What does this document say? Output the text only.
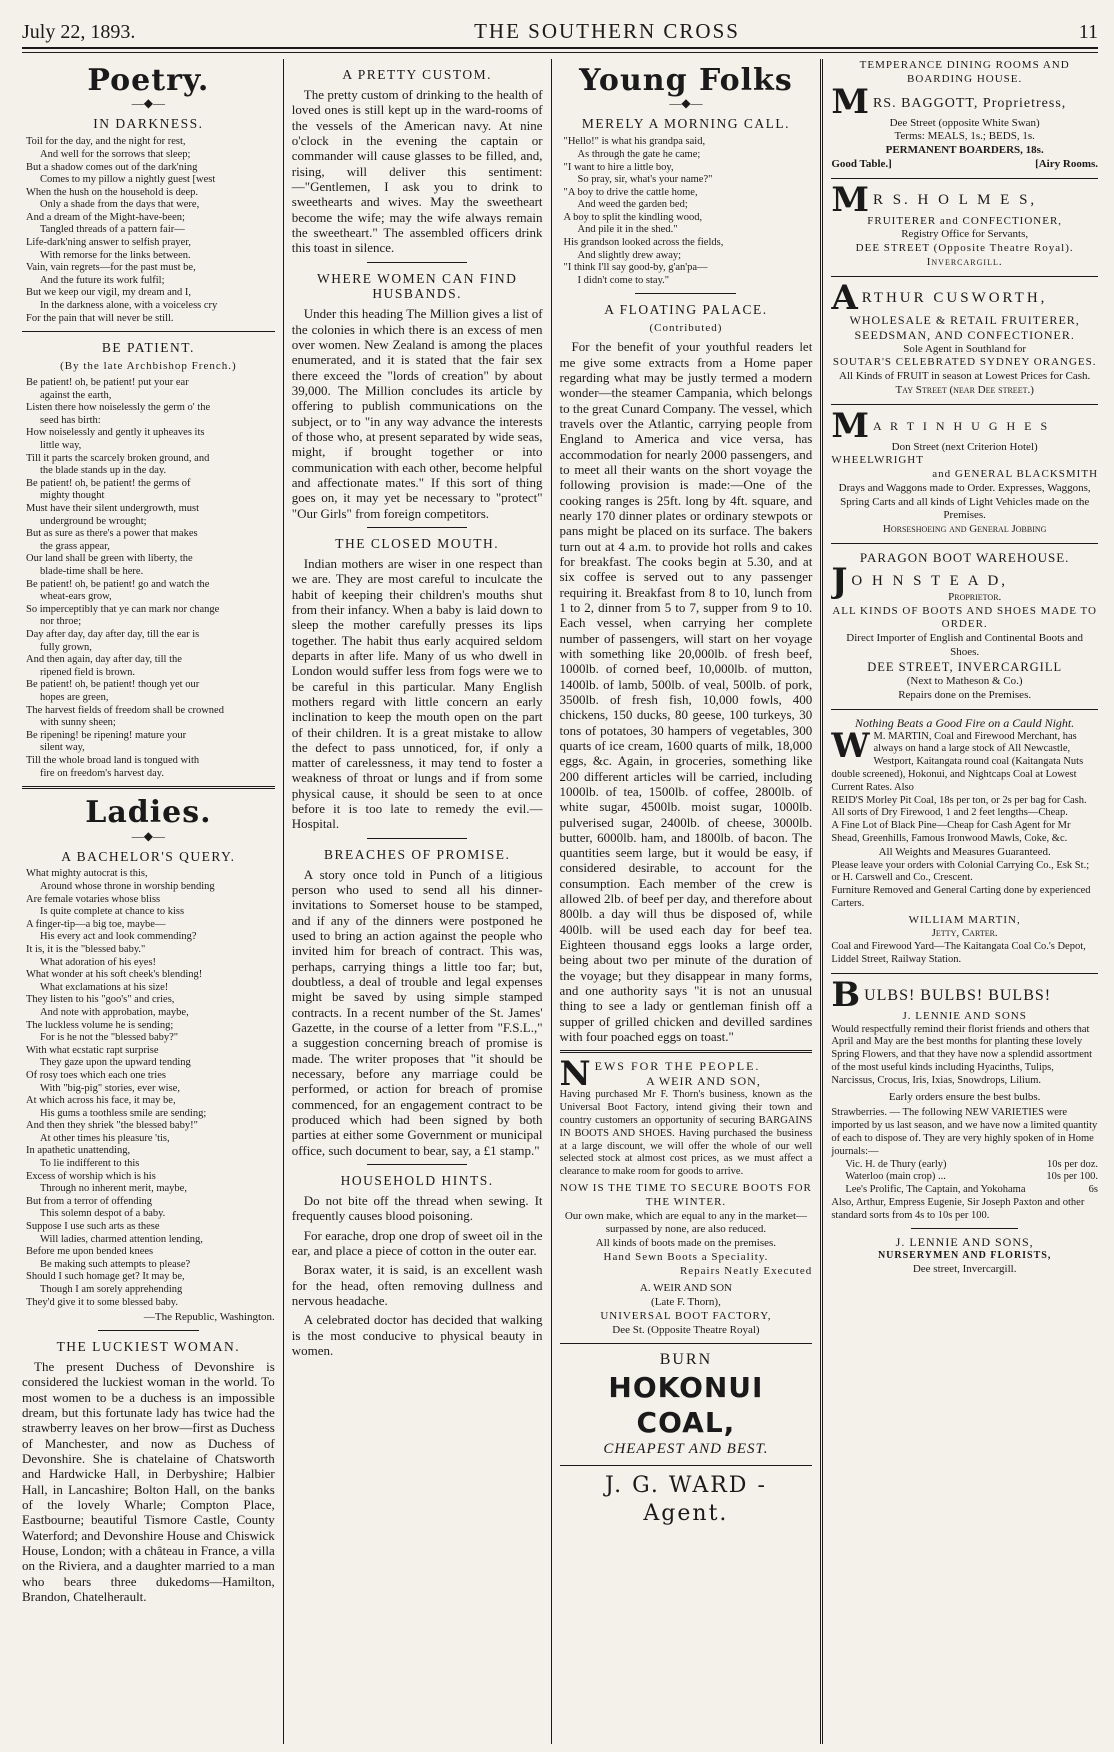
July 22, 1893.	THE SOUTHERN CROSS	11
Poetry.
—◆—
IN DARKNESS.
Toil for the day, and the night for rest,
And well for the sorrows that sleep;
But a shadow comes out of the dark'ning
Comes to my pillow a nightly guest [west
When the hush on the household is deep.
Only a shade from the days that were,
And a dream of the Might-have-been;
Tangled threads of a pattern fair—
Life-dark'ning answer to selfish prayer,
With remorse for the links between.
Vain, vain regrets—for the past must be,
And the future its work fulfil;
But we keep our vigil, my dream and I,
In the darkness alone, with a voiceless cry
For the pain that will never be still.
BE PATIENT.
(By the late Archbishop French.)
Be patient! oh, be patient! put your ear
against the earth,
Listen there how noiselessly the germ o' the
seed has birth:
How noiselessly and gently it upheaves its
little way,
Till it parts the scarcely broken ground, and
the blade stands up in the day.
Be patient! oh, be patient! the germs of
mighty thought
Must have their silent undergrowth, must
underground be wrought;
But as sure as there's a power that makes
the grass appear,
Our land shall be green with liberty, the
blade-time shall be here.
Be patient! oh, be patient! go and watch the
wheat-ears grow,
So imperceptibly that ye can mark nor change
nor throe;
Day after day, day after day, till the ear is
fully grown,
And then again, day after day, till the
ripened field is brown.
Be patient! oh, be patient! though yet our
hopes are green,
The harvest fields of freedom shall be crowned
with sunny sheen;
Be ripening! be ripening! mature your
silent way,
Till the whole broad land is tongued with
fire on freedom's harvest day.
Ladies.
—◆—
A BACHELOR'S QUERY.
What mighty autocrat is this,
Around whose throne in worship bending
Are female votaries whose bliss
Is quite complete at chance to kiss
A finger-tip—a big toe, maybe—
His every act and look commending?
It is, it is the "blessed baby."
What adoration of his eyes!
What wonder at his soft cheek's blending!
What exclamations at his size!
They listen to his "goo's" and cries,
And note with approbation, maybe,
The luckless volume he is sending;
For is he not the "blessed baby?"
With what ecstatic rapt surprise
They gaze upon the upward tending
Of rosy toes which each one tries
With "big-pig" stories, ever wise,
At which across his face, it may be,
His gums a toothless smile are sending;
And then they shriek "the blessed baby!"
At other times his pleasure 'tis,
In apathetic unattending,
To lie indifferent to this
Excess of worship which is his
Through no inherent merit, maybe,
But from a terror of offending
This solemn despot of a baby.
Suppose I use such arts as these
Will ladies, charmed attention lending,
Before me upon bended knees
Be making such attempts to please?
Should I such homage get? It may be,
Though I am sorely apprehending
They'd give it to some blessed baby.
—The Republic, Washington.
THE LUCKIEST WOMAN.

The present Duchess of Devonshire is considered the luckiest woman in the world. To most women to be a duchess is an impossible dream, but this fortunate lady has twice had the strawberry leaves on her brow—first as Duchess of Manchester, and now as Duchess of Devonshire. She is chatelaine of Chatsworth and Hardwicke Hall, in Derbyshire; Halbier Hall, in Lancashire; Bolton Hall, on the banks of the lovely Wharle; Compton Place, Eastbourne; beautiful Tismore Castle, County Waterford; and Devonshire House and Chiswick House, London; with a château in France, a villa on the Riviera, and a daughter married to a man who bears three dukedoms—Hamilton, Brandon, Chatelherault.

A PRETTY CUSTOM.

The pretty custom of drinking to the health of loved ones is still kept up in the ward-rooms of the vessels of the American navy. At nine o'clock in the evening the captain or commander will cause glasses to be filled, and, rising, will deliver this sentiment:—"Gentlemen, I ask you to drink to sweethearts and wives. May the sweetheart become the wife; may the wife always remain the sweetheart." The assembled officers drink this toast in silence.

WHERE WOMEN CAN FIND HUSBANDS.

Under this heading The Million gives a list of the colonies in which there is an excess of men over women. New Zealand is among the places enumerated, and it is stated that the fair sex there exceed the "lords of creation" by about 39,000. The Million concludes its article by offering to publish communications on the subject, or to "in any way advance the interests of those who, at present separated by wide seas, might, if brought together or into communication with each other, become helpful and affectionate mates." If this sort of thing goes on, it may yet be necessary to "protect" "Our Girls" from foreign competitors.

THE CLOSED MOUTH.

Indian mothers are wiser in one respect than we are. They are most careful to inculcate the habit of keeping their children's mouths shut from their infancy. When a baby is laid down to sleep the mother carefully presses its lips together. The habit thus early acquired seldom departs in after life. Many of us who dwell in London would suffer less from fogs were we to be careful in this particular. Many English mothers regard with little concern an early inclination to keep the mouth open on the part of their children. It is a great mistake to allow the defect to pass unnoticed, for, if only a matter of carelessness, it may tend to foster a weakness of throat or lungs and if from some physical cause, it should be seen to at once before it is too late to remedy the evil.—Hospital.

BREACHES OF PROMISE.

A story once told in Punch of a litigious person who used to send all his dinner-invitations to Somerset house to be stamped, and if any of the dinners were postponed he used to bring an action against the people who invited him for breach of contract. This was, perhaps, carrying things a little too far; but, doubtless, a deal of trouble and legal expenses might be saved by using simple stamped contracts. In a recent number of the St. James' Gazette, in the course of a letter from "F.S.L.," a suggestion concerning breach of promise is made. The writer proposes that "it should be necessary, before any marriage could be performed, or action for breach of promise commenced, for an engagement contract to be produced which had been signed by both parties at either some Government or municipal office, such document to bear, say, a £1 stamp."

HOUSEHOLD HINTS.

Do not bite off the thread when sewing. It frequently causes blood poisoning.

For earache, drop one drop of sweet oil in the ear, and place a piece of cotton in the outer ear.

Borax water, it is said, is an excellent wash for the head, often removing dullness and nervous headache.

A celebrated doctor has decided that walking is the most conducive to physical beauty in women.

Young Folks
—◆—
MERELY A MORNING CALL.
"Hello!" is what his grandpa said,
As through the gate he came;
"I want to hire a little boy,
So pray, sir, what's your name?"
"A boy to drive the cattle home,
And weed the garden bed;
A boy to split the kindling wood,
And pile it in the shed."
His grandson looked across the fields,
And slightly drew away;
"I think I'll say good-by, g'an'pa—
I didn't come to stay."
A FLOATING PALACE.
(Contributed)

For the benefit of your youthful readers let me give some extracts from a Home paper regarding what may be justly termed a modern wonder—the steamer Campania, which belongs to the great Cunard Company. The vessel, which travels over the Atlantic, carrying people from England to America and vice versa, has accommodation for nearly 2000 passengers, and to meet all their wants on the short voyage the following provision is made:—One of the cooking ranges is 25ft. long by 4ft. square, and nearly 170 dinner plates or ordinary stewpots or pans might be placed on its surface. The bakers turn out at 4 a.m. to provide hot rolls and cakes for breakfast. The cooks begin at 5.30, and at six coffee is served out to any passenger requiring it. Breakfast from 8 to 10, lunch from 1 to 2, dinner from 5 to 7, supper from 9 to 10. Each vessel, when carrying her complete number of passengers, will start on her voyage with something like 20,000lb. of fresh beef, 1000lb. of corned beef, 10,000lb. of mutton, 1400lb. of lamb, 500lb. of veal, 500lb. of pork, 3500lb. of fresh fish, 10,000 fowls, 400 chickens, 150 ducks, 80 geese, 100 turkeys, 30 tons of potatoes, 30 hampers of vegetables, 300 quarts of ice cream, 1600 quarts of milk, 18,000 eggs, &c. Again, in groceries, something like 200 different articles will be carried, including 1000lb. of tea, 1500lb. of coffee, 2800lb. of white sugar, 4500lb. moist sugar, 1000lb. pulverised sugar, 2400lb. of cheese, 3000lb. butter, 6000lb. ham, and 1800lb. of bacon. The quantities seem large, but it would be easy, if considered desirable, to account for the consumption. Each member of the crew is allowed 2lb. of beef per day, and therefore about 800lb. a day will thus be disposed of, while 400lb. will be used each day for beef tea. Eighteen thousand eggs looks a large order, being about two per minute of the duration of the voyage; but they disappear in many forms, and one authority says "it is not an unusual thing to see a lady or gentleman finish off a supper of grilled chicken and devilled sardines with four poached eggs on toast."

N EWS FOR THE PEOPLE.
A WEIR AND SON,
Having purchased Mr F. Thorn's business, known as the Universal Boot Factory, intend giving their town and country customers an opportunity of securing BARGAINS IN BOOTS AND SHOES. Having purchased the business at a large discount, we will offer the whole of our well selected stock at almost cost prices, as we must affect a clearance to make room for goods to arrive.
NOW IS THE TIME TO SECURE BOOTS FOR THE WINTER.
Our own make, which are equal to any in the market—surpassed by none, are also reduced.
All kinds of boots made on the premises.
Hand Sewn Boots a Speciality.
Repairs Neatly Executed
A. WEIR AND SON
(Late F. Thorn),
UNIVERSAL BOOT FACTORY,
Dee St. (Opposite Theatre Royal)
BURN
HOKONUI COAL,
CHEAPEST AND BEST.
J. G. WARD - Agent.
TEMPERANCE DINING ROOMS AND BOARDING HOUSE.
M RS. BAGGOTT, Proprietress,
Dee Street (opposite White Swan)
Terms: MEALS, 1s.; BEDS, 1s.
PERMANENT BOARDERS, 18s.
Good Table.]	[Airy Rooms.
M R S. H O L M E S,
FRUITERER and CONFECTIONER,
Registry Office for Servants,
DEE STREET (Opposite Theatre Royal).
Invercargill.
A RTHUR CUSWORTH,
WHOLESALE & RETAIL FRUITERER, SEEDSMAN, AND CONFECTIONER.
Sole Agent in Southland for
SOUTAR'S CELEBRATED SYDNEY ORANGES.
All Kinds of FRUIT in season at Lowest Prices for Cash.
Tay Street (near Dee street.)
M A R T I N H U G H E S
Don Street (next Criterion Hotel)
WHEELWRIGHT
and GENERAL BLACKSMITH
Drays and Waggons made to Order. Expresses, Waggons, Spring Carts and all kinds of Light Vehicles made on the Premises.
Horseshoeing and General Jobbing
PARAGON BOOT WAREHOUSE.
J O H N S T E A D,
Proprietor.
ALL KINDS OF BOOTS AND SHOES MADE TO ORDER.
Direct Importer of English and Continental Boots and Shoes.
DEE STREET, INVERCARGILL
(Next to Matheson & Co.)
Repairs done on the Premises.
Nothing Beats a Good Fire on a Cauld Night.
W M. MARTIN, Coal and Firewood Merchant, has always on hand a large stock of All Newcastle, Westport, Kaitangata round coal (Kaitangata Nuts double screened), Hokonui, and Nightcaps Coal at Lowest Current Rates. Also
REID'S Morley Pit Coal, 18s per ton, or 2s per bag for Cash.
All sorts of Dry Firewood, 1 and 2 feet lengths—Cheap.
A Fine Lot of Black Pine—Cheap for Cash Agent for Mr Shead, Greenhills, Famous Ironwood Mawls, Coke, &c.
All Weights and Measures Guaranteed.
Please leave your orders with Colonial Carrying Co., Esk St.; or H. Carswell and Co., Crescent.
Furniture Removed and General Carting done by experienced Carters.
WILLIAM MARTIN,
Jetty, Carter.
Coal and Firewood Yard—The Kaitangata Coal Co.'s Depot, Liddel Street, Railway Station.
B ULBS! BULBS! BULBS!
J. LENNIE AND SONS
Would respectfully remind their florist friends and others that April and May are the best months for planting these lovely Spring Flowers, and that they have now a splendid assortment of the most useful kinds including Hyacinths, Tulips, Narcissus, Crocus, Iris, Ixias, Snowdrops, Lilium.
Early orders ensure the best bulbs.
Strawberries. — The following NEW VARIETIES were imported by us last season, and we have now a limited quantity of each to dispose of. They are very highly spoken of in Home journals:—
Vic. H. de Thury (early)	10s per doz.
Waterloo (main crop) ...	10s per 100.
Lee's Prolific, The Captain, and Yokohama	6s
Also, Arthur, Empress Eugenie, Sir Joseph Paxton and other standard sorts from 4s to 10s per 100.
J. LENNIE AND SONS,
NURSERYMEN AND FLORISTS,
Dee street, Invercargill.
